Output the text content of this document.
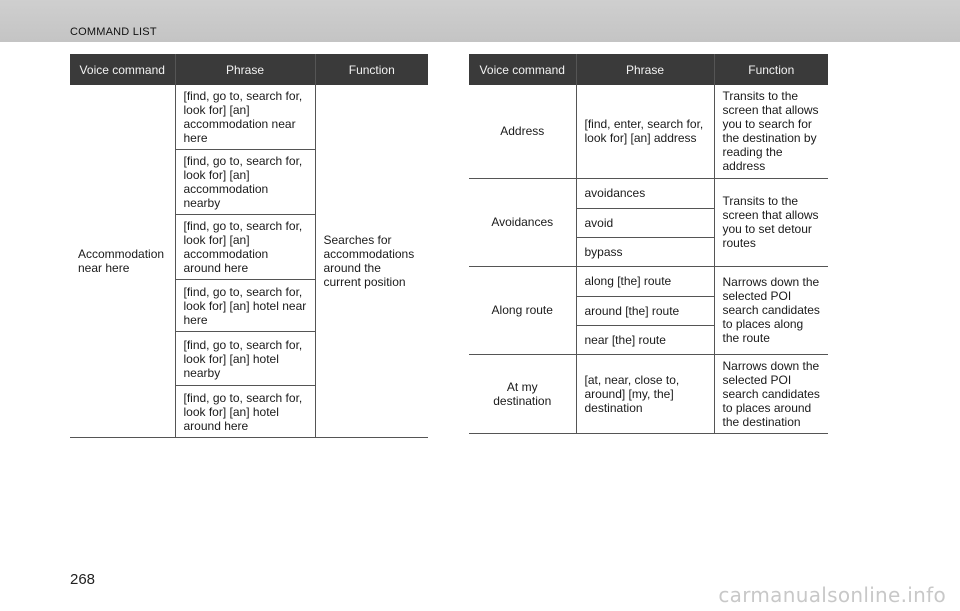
COMMAND LIST
Voice command	Phrase	Function
Accommodation near here	[find, go to, search for, look for] [an] accommodation near here	Searches for accommodations around the current position
	[find, go to, search for, look for] [an] accommodation nearby	
	[find, go to, search for, look for] [an] accommodation around here	
	[find, go to, search for, look for] [an] hotel near here	
	[find, go to, search for, look for] [an] hotel nearby	
	[find, go to, search for, look for] [an] hotel around here	
Voice command	Phrase	Function
Address	[find, enter, search for, look for] [an] address	Transits to the screen that allows you to search for the destination by reading the address
Avoidances	avoidances	Transits to the screen that allows you to set detour routes
	avoid	
	bypass	
Along route	along [the] route	Narrows down the selected POI search candidates to places along the route
	around [the] route	
	near [the] route	
At my destination	[at, near, close to, around] [my, the] destination	Narrows down the selected POI search candidates to places around the destination
268
carmanualsonline.info
